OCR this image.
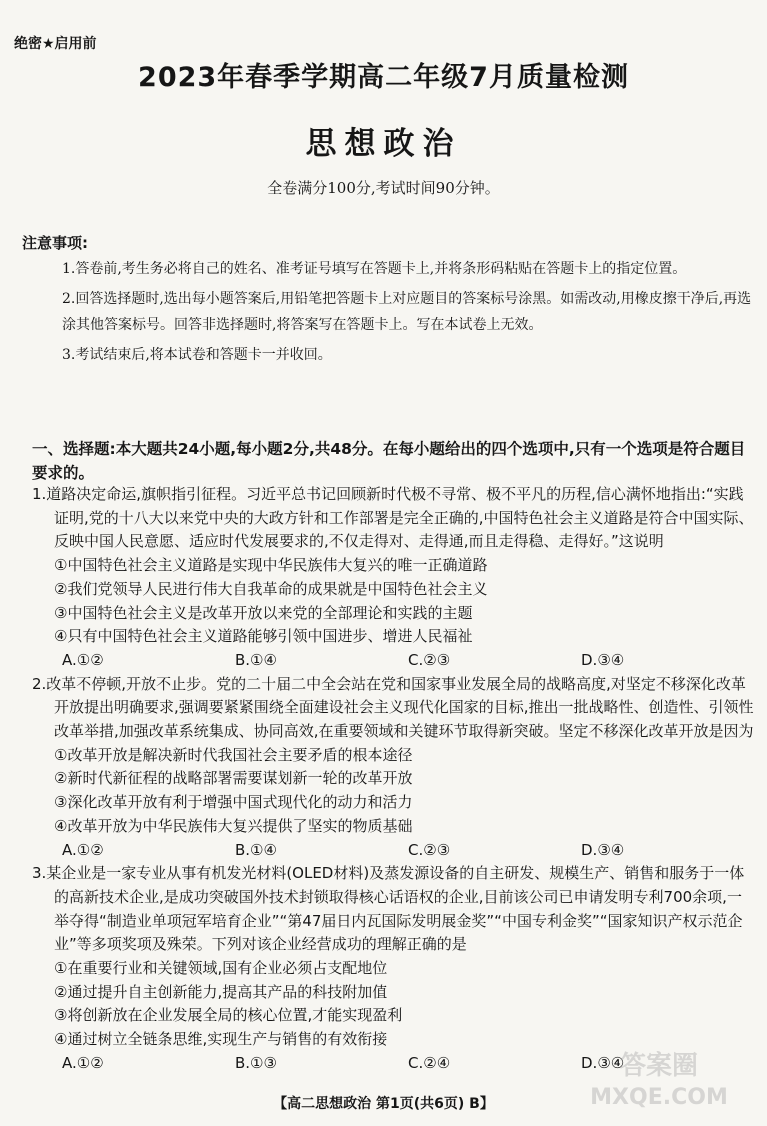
绝密★启用前
2023年春季学期高二年级7月质量检测
思想政治
全卷满分100分,考试时间90分钟。
注意事项:

1.答卷前,考生务必将自己的姓名、准考证号填写在答题卡上,并将条形码粘贴在答题卡上的指定位置。

2.回答选择题时,选出每小题答案后,用铅笔把答题卡上对应题目的答案标号涂黑。如需改动,用橡皮擦干净后,再选涂其他答案标号。回答非选择题时,将答案写在答题卡上。写在本试卷上无效。

3.考试结束后,将本试卷和答题卡一并收回。

一、选择题:本大题共24小题,每小题2分,共48分。在每小题给出的四个选项中,只有一个选项是符合题目要求的。

1.道路决定命运,旗帜指引征程。习近平总书记回顾新时代极不寻常、极不平凡的历程,信心满怀地指出:“实践证明,党的十八大以来党中央的大政方针和工作部署是完全正确的,中国特色社会主义道路是符合中国实际、反映中国人民意愿、适应时代发展要求的,不仅走得对、走得通,而且走得稳、走得好。”这说明

①中国特色社会主义道路是实现中华民族伟大复兴的唯一正确道路

②我们党领导人民进行伟大自我革命的成果就是中国特色社会主义

③中国特色社会主义是改革开放以来党的全部理论和实践的主题

④只有中国特色社会主义道路能够引领中国进步、增进人民福祉

A.①②	B.①④	C.②③	D.③④

2.改革不停顿,开放不止步。党的二十届二中全会站在党和国家事业发展全局的战略高度,对坚定不移深化改革开放提出明确要求,强调要紧紧围绕全面建设社会主义现代化国家的目标,推出一批战略性、创造性、引领性改革举措,加强改革系统集成、协同高效,在重要领域和关键环节取得新突破。坚定不移深化改革开放是因为

①改革开放是解决新时代我国社会主要矛盾的根本途径

②新时代新征程的战略部署需要谋划新一轮的改革开放

③深化改革开放有利于增强中国式现代化的动力和活力

④改革开放为中华民族伟大复兴提供了坚实的物质基础

A.①②	B.①④	C.②③	D.③④

3.某企业是一家专业从事有机发光材料(OLED材料)及蒸发源设备的自主研发、规模生产、销售和服务于一体的高新技术企业,是成功突破国外技术封锁取得核心话语权的企业,目前该公司已申请发明专利700余项,一举夺得“制造业单项冠军培育企业”“第47届日内瓦国际发明展金奖”“中国专利金奖”“国家知识产权示范企业”等多项奖项及殊荣。下列对该企业经营成功的理解正确的是

①在重要行业和关键领域,国有企业必须占支配地位

②通过提升自主创新能力,提高其产品的科技附加值

③将创新放在企业发展全局的核心位置,才能实现盈利

④通过树立全链条思维,实现生产与销售的有效衔接

A.①②	B.①③	C.②④	D.③④
【高二思想政治 第1页(共6页) B】
答案圈
MXQE.COM
